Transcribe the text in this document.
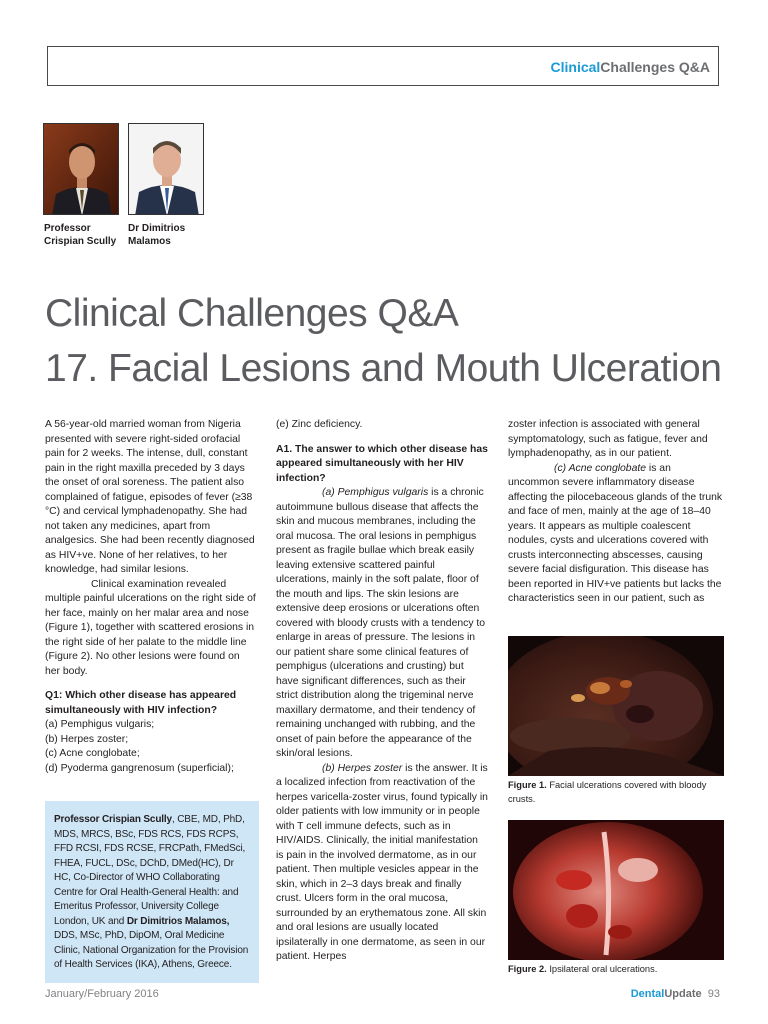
ClinicalChallenges Q&A
Professor
Crispian Scully
Dr Dimitrios
Malamos
Clinical Challenges Q&A
17. Facial Lesions and Mouth Ulceration

A 56-year-old married woman from Nigeria presented with severe right-sided orofacial pain for 2 weeks. The intense, dull, constant pain in the right maxilla preceded by 3 days the onset of oral soreness. The patient also complained of fatigue, episodes of fever (≥38 °C) and cervical lymphadenopathy. She had not taken any medicines, apart from analgesics. She had been recently diagnosed as HIV+ve. None of her relatives, to her knowledge, had similar lesions.

Clinical examination revealed multiple painful ulcerations on the right side of her face, mainly on her malar area and nose (Figure 1), together with scattered erosions in the right side of her palate to the middle line (Figure 2). No other lesions were found on her body.

Q1: Which other disease has appeared simultaneously with HIV infection?

(a) Pemphigus vulgaris;

(b) Herpes zoster;

(c) Acne conglobate;

(d) Pyoderma gangrenosum (superficial);

Professor Crispian Scully, CBE, MD, PhD, MDS, MRCS, BSc, FDS RCS, FDS RCPS, FFD RCSI, FDS RCSE, FRCPath, FMedSci, FHEA, FUCL, DSc, DChD, DMed(HC), Dr HC, Co-Director of WHO Collaborating Centre for Oral Health-General Health: and Emeritus Professor, University College London, UK and Dr Dimitrios Malamos, DDS, MSc, PhD, DipOM, Oral Medicine Clinic, National Organization for the Provision of Health Services (IKA), Athens, Greece.

(e) Zinc deficiency.

A1. The answer to which other disease has appeared simultaneously with her HIV infection?

(a) Pemphigus vulgaris is a chronic autoimmune bullous disease that affects the skin and mucous membranes, including the oral mucosa. The oral lesions in pemphigus present as fragile bullae which break easily leaving extensive scattered painful ulcerations, mainly in the soft palate, floor of the mouth and lips. The skin lesions are extensive deep erosions or ulcerations often covered with bloody crusts with a tendency to enlarge in areas of pressure. The lesions in our patient share some clinical features of pemphigus (ulcerations and crusting) but have significant differences, such as their strict distribution along the trigeminal nerve maxillary dermatome, and their tendency of remaining unchanged with rubbing, and the onset of pain before the appearance of the skin/oral lesions.

(b) Herpes zoster is the answer. It is a localized infection from reactivation of the herpes varicella-zoster virus, found typically in older patients with low immunity or in people with T cell immune defects, such as in HIV/AIDS. Clinically, the initial manifestation is pain in the involved dermatome, as in our patient. Then multiple vesicles appear in the skin, which in 2–3 days break and finally crust. Ulcers form in the oral mucosa, surrounded by an erythematous zone. All skin and oral lesions are usually located ipsilaterally in one dermatome, as seen in our patient. Herpes

zoster infection is associated with general symptomatology, such as fatigue, fever and lymphadenopathy, as in our patient.

(c) Acne conglobate is an uncommon severe inflammatory disease affecting the pilocebaceous glands of the trunk and face of men, mainly at the age of 18–40 years. It appears as multiple coalescent nodules, cysts and ulcerations covered with crusts interconnecting abscesses, causing severe facial disfiguration. This disease has been reported in HIV+ve patients but lacks the characteristics seen in our patient, such as

Figure 1. Facial ulcerations covered with bloody crusts.
Figure 2. Ipsilateral oral ulcerations.
January/February 2016	DentalUpdate 93
